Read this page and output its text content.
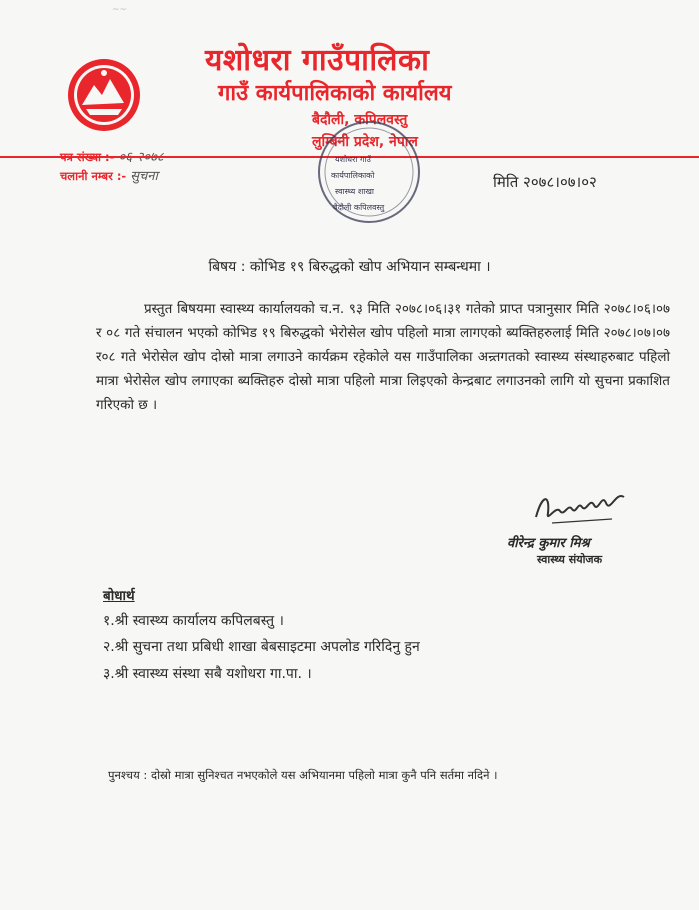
~~
यशोधरा गाउँपालिका
गाउँ कार्यपालिकाको कार्यालय
बैदौली, कपिलवस्तु
लुम्बिनी प्रदेश, नेपाल
चलानी नम्बर :- सुचना	मिति २०७८।०७।०२
यशोधरा गाउँ
कार्यपालिकाको
स्वास्थ्य शाखा
बैदौली कपिलवस्तु
बिषय : कोभिड १९ बिरुद्धको खोप अभियान सम्बन्धमा ।
प्रस्तुत बिषयमा स्वास्थ्य कार्यालयको च.न. ९३ मिति २०७८।०६।३१ गतेको प्राप्त पत्रानुसार मिति २०७८।०६।०७ र ०८ गते संचालन भएको कोभिड १९ बिरुद्धको भेरोसेल खोप पहिलो मात्रा लागएको ब्यक्तिहरुलाई मिति २०७८।०७।०७ र०८ गते भेरोसेल खोप दोस्रो मात्रा लगाउने कार्यक्रम रहेकोले यस गाउँपालिका अन्र्तगतको स्वास्थ्य संस्थाहरुबाट पहिलो मात्रा भेरोसेल खोप लगाएका ब्यक्तिहरु दोस्रो मात्रा पहिलो मात्रा लिइएको केन्द्रबाट लगाउनको लागि यो सुचना प्रकाशित गरिएको छ ।
वीरेन्द्र कुमार मिश्र
स्वास्थ्य संयोजक
बोधार्थ
१.श्री स्वास्थ्य कार्यालय कपिलबस्तु ।
२.श्री सुचना तथा प्रबिधी शाखा बेबसाइटमा अपलोड गरिदिनु हुन
३.श्री स्वास्थ्य संस्था सबै यशोधरा गा.पा. ।
पुनश्चय : दोस्रो मात्रा सुनिश्चत नभएकोले यस अभियानमा पहिलो मात्रा कुनै पनि सर्तमा नदिने ।
